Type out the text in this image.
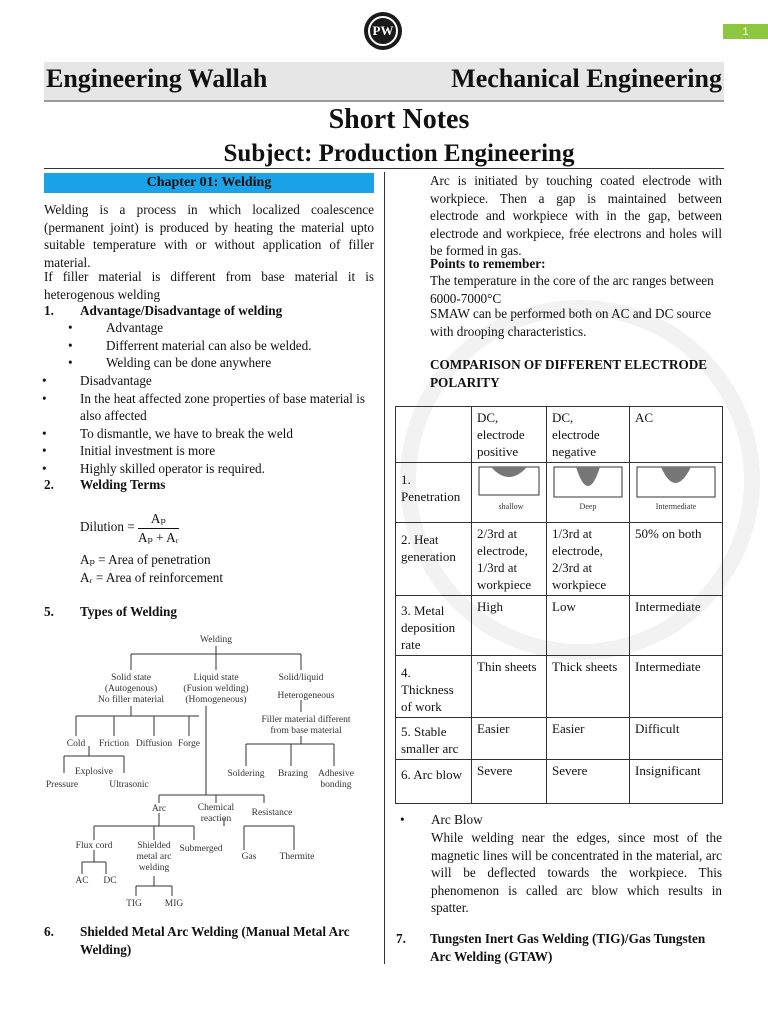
PW	1
Engineering Wallah	Mechanical Engineering
Short Notes
Subject: Production Engineering
Chapter 01: Welding
Welding is a process in which localized coalescence (permanent joint) is produced by heating the material upto suitable temperature with or without application of filler material.
If filler material is different from base material it is heterogenous welding
1. Advantage/Disadvantage of welding
• Advantage
• Differrent material can also be welded.
• Welding can be done anywhere
• Disadvantage
• In the heat affected zone properties of base material is also affected
• To dismantle, we have to break the weld
• Initial investment is more
• Highly skilled operator is required.
2. Welding Terms
Dilution = $\frac{\text{Aₚ}}{\text{Aₚ + Aᵣ}}$
Aₚ = Area of penetration
Aᵣ = Area of reinforcement
5. Types of Welding
Welding
Solid state
(Autogenous)
No filler material
Liquid state
(Fusion welding)
(Homogeneous)
Solid/liquid
Heterogeneous
Filler material different
from base material
Cold Friction Diffusion Forge
Explosive
Pressure	Ultrasonic
Soldering Brazing Adhesive
bonding
Arc	Chemical
reaction
Resistance
Flux cord	Shielded
metal arc
welding
Submerged
Gas Thermite
AC DC
TIG MIG
6. Shielded Metal Arc Welding (Manual Metal Arc Welding)
Arc is initiated by touching coated electrode with workpiece. Then a gap is maintained between electrode and workpiece with in the gap, between electrode and workpiece, frée electrons and holes will be formed in gas.
Points to remember:
The temperature in the core of the arc ranges between 6000-7000°C
SMAW can be performed both on AC and DC source with drooping characteristics.
COMPARISON OF DIFFERENT ELECTRODE POLARITY
	DC, electrode positive	DC, electrode negative	AC
1. Penetration	shallow	Deep	Intermediate

2. Heat generation	2/3rd at electrode, 1/3rd at workpiece	1/3rd at electrode, 2/3rd at workpiece	50% on both
3. Metal deposition rate	High	Low	Intermediate
4. Thickness of work	Thin sheets	Thick sheets	Intermediate
5. Stable smaller arc	Easier	Easier	Difficult
6. Arc blow	Severe	Severe	Insignificant
• Arc Blow
While welding near the edges, since most of the magnetic lines will be concentrated in the material, arc will be deflected towards the workpiece. This phenomenon is called arc blow which results in spatter.
7. Tungsten Inert Gas Welding (TIG)/Gas Tungsten Arc Welding (GTAW)
